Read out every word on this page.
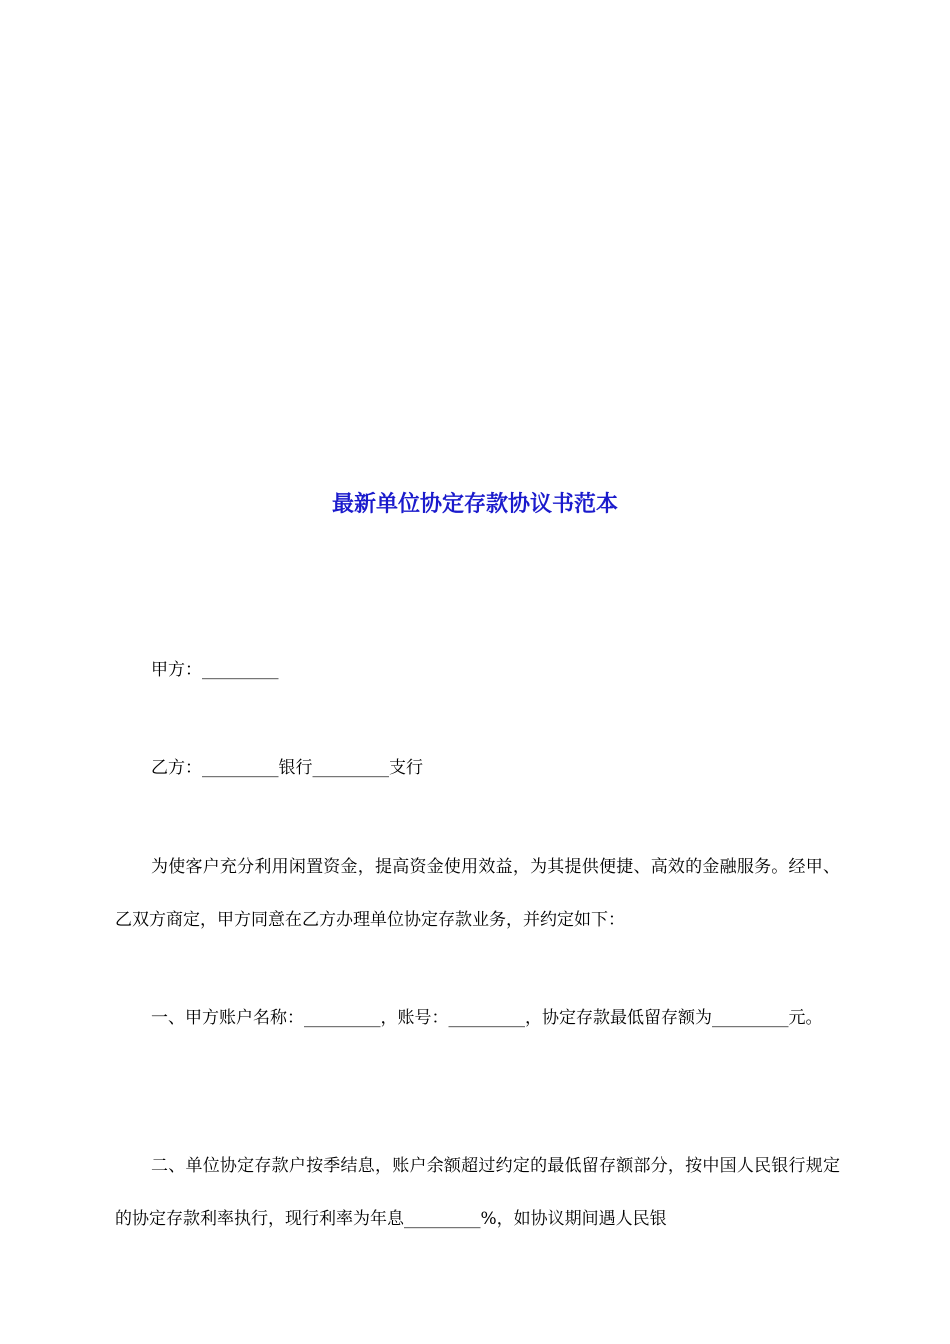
最新单位协定存款协议书范本

甲方：_________

乙方：_________银行_________支行

为使客户充分利用闲置资金，提高资金使用效益，为其提供便捷、高效的金融服务。经甲、乙双方商定，甲方同意在乙方办理单位协定存款业务，并约定如下：

一、甲方账户名称：_________，账号：_________，协定存款最低留存额为_________元。

二、单位协定存款户按季结息，账户余额超过约定的最低留存额部分，按中国人民银行规定的协定存款利率执行，现行利率为年息_________%，如协议期间遇人民银
